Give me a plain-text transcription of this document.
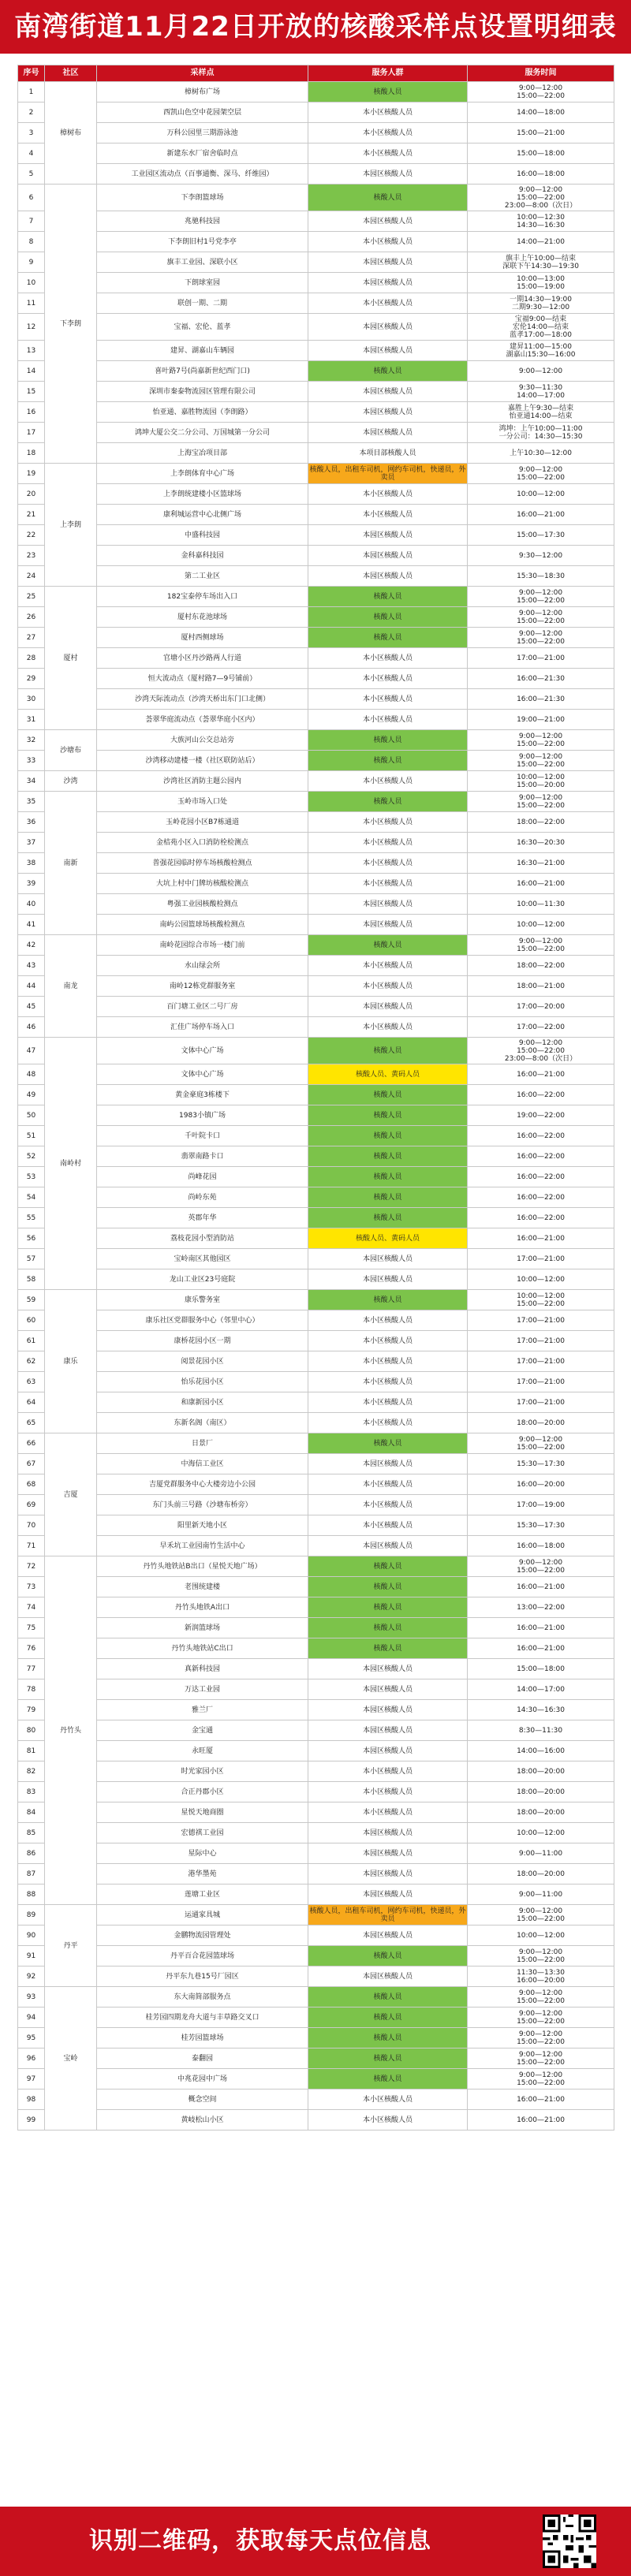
南湾街道11月22日开放的核酸采样点设置明细表
序号	社区	采样点	服务人群	服务时间
1	樟树布	樟树布广场	核酸人员	9:00—12:00
15:00—22:00
2		西凯山色空中花园架空层	本小区核酸人员	14:00—18:00
3		万科公园里三期游泳池	本小区核酸人员	15:00—21:00
4		新建东水厂宿舍临时点	本小区核酸人员	15:00—18:00
5		工业园区流动点（百事通衡、深马、纤维园）	本园区核酸人员	16:00—18:00
6	下李朗	下李朗篮球场	核酸人员	9:00—12:00
15:00—22:00
23:00—8:00（次日）
7		兆驰科技园	本园区核酸人员	10:00—12:30
14:30—16:30
8		下李朗旧村1号党李亭	本小区核酸人员	14:00—21:00
9		旗丰工业园、深联小区	本园区核酸人员	旗丰上午10:00—结束
深联下午14:30—19:30
10		下朗球室园	本园区核酸人员	10:00—13:00
15:00—19:00
11		联创一期、二期	本小区核酸人员	一期14:30—19:00
二期9:30—12:00
12		宝福、宏伦、蓝孝	本园区核酸人员	宝福9:00—结束
宏伦14:00—结束
蓝孝17:00—18:00
13		建昇、湖嘉山车辆园	本园区核酸人员	建昇11:00—15:00
湖嘉山15:30—16:00
14		喜叶路7号(尚嘉新世纪西门口)	核酸人员	9:00—12:00
15		深圳市秦泰物流园区管理有限公司	本园区核酸人员	9:30—11:30
14:00—17:00
16		怡亚通、嘉胜物流园（李朗路）	本园区核酸人员	嘉胜上午9:30—结束
怡亚通14:00—结束
17		鸿坤大厦公交二分公司、万国城第一分公司	本园区核酸人员	鸿坤：上午10:00—11:00
一分公司：14:30—15:30
18		上海宝冶项目部	本项目部核酸人员	上午10:30—12:00
19	上李朗	上李朗体育中心广场	核酸人员，出租车司机，网约车司机，快递员，外卖员	9:00—12:00
15:00—22:00
20		上李朗统建楼小区篮球场	本小区核酸人员	10:00—12:00
21		康利城运营中心北侧广场	本小区核酸人员	16:00—21:00
22		中盛科技园	本园区核酸人员	15:00—17:30
23		金科嘉科技园	本园区核酸人员	9:30—12:00
24		第二工业区	本园区核酸人员	15:30—18:30
25	厦村	182宝泰停车场出入口	核酸人员	9:00—12:00
15:00—22:00
26		厦村东花池球场	核酸人员	9:00—12:00
15:00—22:00
27		厦村西侧球场	核酸人员	9:00—12:00
15:00—22:00
28		官塘小区丹沙路两人行道	本小区核酸人员	17:00—21:00
29		恒大流动点（厦村路7—9号铺前）	本小区核酸人员	16:00—21:30
30		沙湾天际流动点（沙湾天桥出东门口北侧）	本小区核酸人员	16:00—21:30
31		荟翠华庭流动点（荟翠华庭小区内）	本小区核酸人员	19:00—21:00
32	沙塘布	大族河山公交总站旁	核酸人员	9:00—12:00
15:00—22:00
33		沙湾移动建楼一楼（社区联防站后）	核酸人员	9:00—12:00
15:00—22:00
34	沙湾	沙湾社区消防主题公园内	本小区核酸人员	10:00—12:00
15:00—20:00
35	南新	玉岭市场入口处	核酸人员	9:00—12:00
15:00—22:00
36		玉岭花园小区B7栋通道	本小区核酸人员	18:00—22:00
37		金桔苑小区入口消防栓检测点	本小区核酸人员	16:30—20:30
38		普强花园临时停车场核酸检测点	本小区核酸人员	16:30—21:00
39		大坑上村中门牌坊核酸检测点	本小区核酸人员	16:00—21:00
40		粤强工业园核酸检测点	本园区核酸人员	10:00—11:30
41		南屿公园篮球场核酸检测点	本园区核酸人员	10:00—12:00
42	南龙	南岭花园综合市场一楼门前	核酸人员	9:00—12:00
15:00—22:00
43		水山绿会所	本小区核酸人员	18:00—22:00
44		南岭12栋党群服务室	本小区核酸人员	18:00—21:00
45		百门塘工业区二号厂房	本园区核酸人员	17:00—20:00
46		汇佳广场停车场入口	本小区核酸人员	17:00—22:00
47	南岭村	文体中心广场	核酸人员	9:00—12:00
15:00—22:00
23:00—8:00（次日）
48		文体中心广场	核酸人员、黄码人员	16:00—21:00
49		黄金豪庭3栋楼下	核酸人员	16:00—22:00
50		1983小镇广场	核酸人员	19:00—22:00
51		千叶院卡口	核酸人员	16:00—22:00
52		翡翠南路卡口	核酸人员	16:00—22:00
53		尚峰花园	核酸人员	16:00—22:00
54		尚岭东苑	核酸人员	16:00—22:00
55		英郡年华	核酸人员	16:00—22:00
56		荔枝花园小型消防站	核酸人员、黄码人员	16:00—21:00
57		宝岭南区其他园区	本园区核酸人员	17:00—21:00
58		龙山工业区23号庭院	本园区核酸人员	10:00—12:00
59	康乐	康乐警务室	核酸人员	10:00—12:00
15:00—22:00
60		康乐社区党群服务中心（邻里中心）	本小区核酸人员	17:00—21:00
61		康桥花园小区一期	本小区核酸人员	17:00—21:00
62		阅景花园小区	本小区核酸人员	17:00—21:00
63		怡乐花园小区	本小区核酸人员	17:00—21:00
64		和康新园小区	本小区核酸人员	17:00—21:00
65		东新名阁（南区）	本小区核酸人员	18:00—20:00
66	吉厦	日景厂	核酸人员	9:00—12:00
15:00—22:00
67		中海信工业区	本园区核酸人员	15:30—17:30
68		吉厦党群服务中心大楼旁边小公园	本小区核酸人员	16:00—20:00
69		东门头前三号路（沙塘布桥旁）	本小区核酸人员	17:00—19:00
70		阳里新天地小区	本小区核酸人员	15:30—17:30
71		早禾坑工业园南竹生活中心	本园区核酸人员	16:00—18:00
72	丹竹头	丹竹头地铁站B出口（星悦天地广场）	核酸人员	9:00—12:00
15:00—22:00
73		老围统建楼	核酸人员	16:00—21:00
74		丹竹头地铁A出口	核酸人员	13:00—22:00
75		新润篮球场	核酸人员	16:00—21:00
76		丹竹头地铁站C出口	核酸人员	16:00—21:00
77		真新科技园	本园区核酸人员	15:00—18:00
78		万达工业园	本园区核酸人员	14:00—17:00
79		雅兰厂	本园区核酸人员	14:30—16:30
80		金宝通	本园区核酸人员	8:30—11:30
81		永旺厦	本园区核酸人员	14:00—16:00
82		时光家园小区	本小区核酸人员	18:00—20:00
83		合正丹郡小区	本小区核酸人员	18:00—20:00
84		星悦天地商圈	本小区核酸人员	18:00—20:00
85		宏德祺工业园	本园区核酸人员	10:00—12:00
86		星际中心	本园区核酸人员	9:00—11:00
87		港华墨苑	本园区核酸人员	18:00—20:00
88		莲塘工业区	本园区核酸人员	9:00—11:00
89	丹平	运通家具城	核酸人员，出租车司机，网约车司机，快递员，外卖员	9:00—12:00
15:00—22:00
90		金鹏物流园管理处	本园区核酸人员	10:00—12:00
91		丹平百合花园篮球场	核酸人员	9:00—12:00
15:00—22:00
92		丹平东九巷15号厂园区	本园区核酸人员	11:30—13:30
16:00—20:00
93	宝岭	东大南简部服务点	核酸人员	9:00—12:00
15:00—22:00
94		桂芳园四期龙舟大道与丰草路交叉口	核酸人员	9:00—12:00
15:00—22:00
95		桂芳园篮球场	核酸人员	9:00—12:00
15:00—22:00
96		泰翻园	核酸人员	9:00—12:00
15:00—22:00
97		中兆花园中广场	核酸人员	9:00—12:00
15:00—22:00
98		概念空间	本小区核酸人员	16:00—21:00
99		黄岐松山小区	本小区核酸人员	16:00—21:00
识别二维码，获取每天点位信息
